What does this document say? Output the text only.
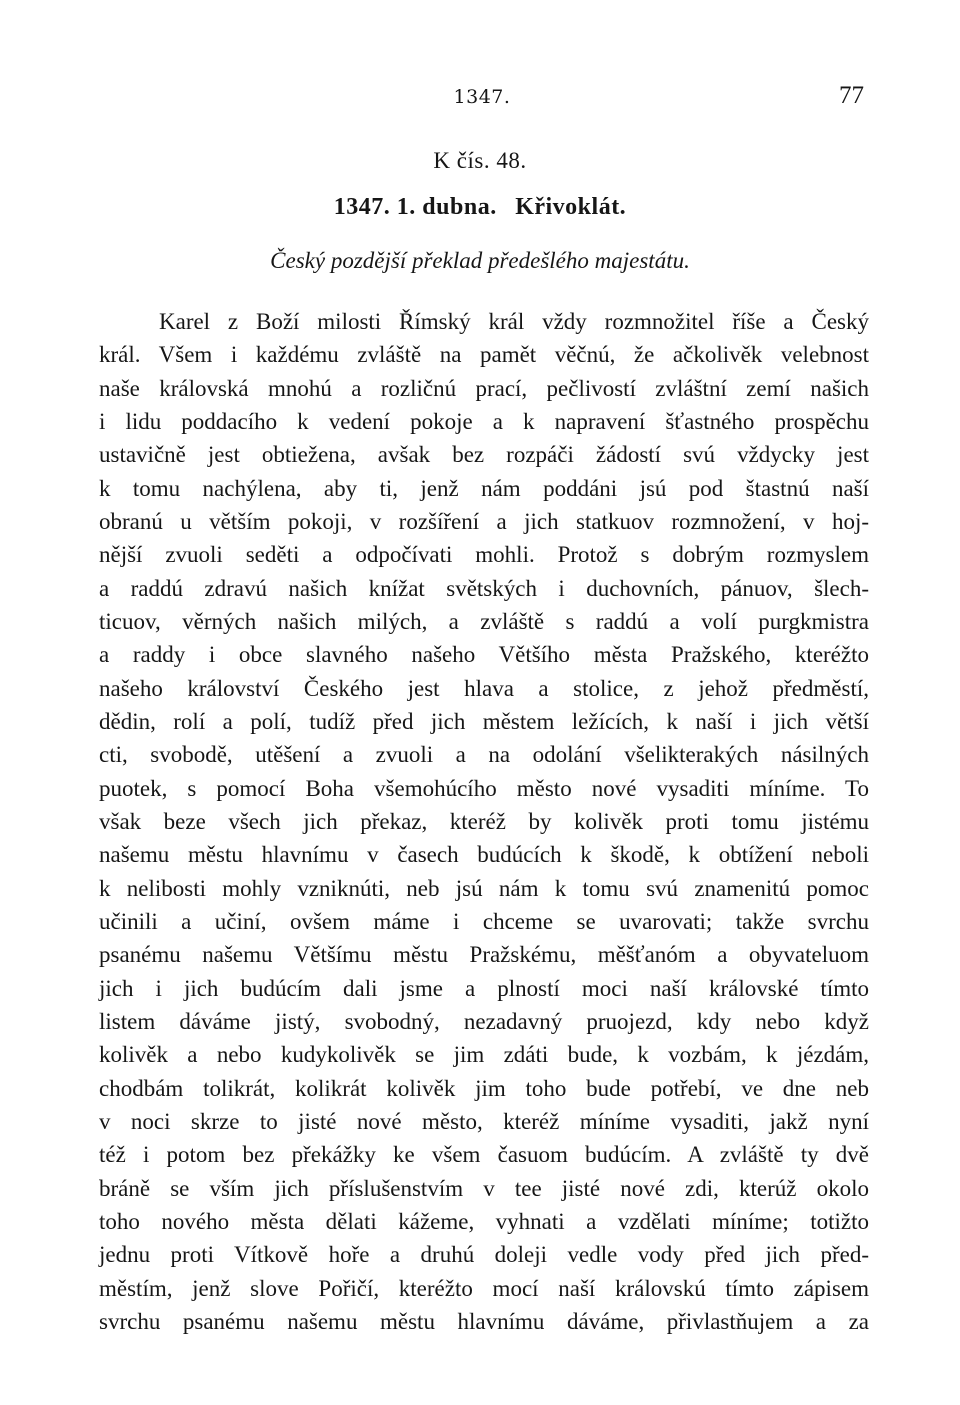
1347.	77
K čís. 48.
1347. 1. dubna. Křivoklát.
Český pozdější překlad předešlého majestátu.
Karel z Boží milosti Římský král vždy rozmnožitel říše a Český
král. Všem i každému zvláště na pamět věčnú, že ačkolivěk velebnost
naše královská mnohú a rozličnú prací, pečlivostí zvláštní zemí našich
i lidu poddacího k vedení pokoje a k napravení šťastného prospěchu
ustavičně jest obtiežena, avšak bez rozpáči žádostí svú vždycky jest
k tomu nachýlena, aby ti, jenž nám poddáni jsú pod štastnú naší
obranú u větším pokoji, v rozšíření a jich statkuov rozmnožení, v hoj-
nější zvuoli seděti a odpočívati mohli. Protož s dobrým rozmyslem
a raddú zdravú našich knížat světských i duchovních, pánuov, šlech-
ticuov, věrných našich milých, a zvláště s raddú a volí purgkmistra
a raddy i obce slavného našeho Většího města Pražského, kteréžto
našeho království Českého jest hlava a stolice, z jehož předměstí,
dědin, rolí a polí, tudíž před jich městem ležících, k naší i jich větší
cti, svobodě, utěšení a zvuoli a na odolání všelikterakých násilných
puotek, s pomocí Boha všemohúcího město nové vysaditi míníme. To
však beze všech jich překaz, kteréž by kolivěk proti tomu jistému
našemu městu hlavnímu v časech budúcích k škodě, k obtížení neboli
k nelibosti mohly vzniknúti, neb jsú nám k tomu svú znamenitú pomoc
učinili a učiní, ovšem máme i chceme se uvarovati; takže svrchu
psanému našemu Většímu městu Pražskému, měšťanóm a obyvateluom
jich i jich budúcím dali jsme a plností moci naší královské tímto
listem dáváme jistý, svobodný, nezadavný pruojezd, kdy nebo když
kolivěk a nebo kudykolivěk se jim zdáti bude, k vozbám, k jézdám,
chodbám tolikrát, kolikrát kolivěk jim toho bude potřebí, ve dne neb
v noci skrze to jisté nové město, kteréž míníme vysaditi, jakž nyní
též i potom bez překážky ke všem časuom budúcím. A zvláště ty dvě
bráně se vším jich příslušenstvím v tee jisté nové zdi, kterúž okolo
toho nového města dělati kážeme, vyhnati a vzdělati míníme; totižto
jednu proti Vítkově hoře a druhú doleji vedle vody před jich před-
městím, jenž slove Pořičí, kteréžto mocí naší královskú tímto zápisem
svrchu psanému našemu městu hlavnímu dáváme, přivlastňujem a za
